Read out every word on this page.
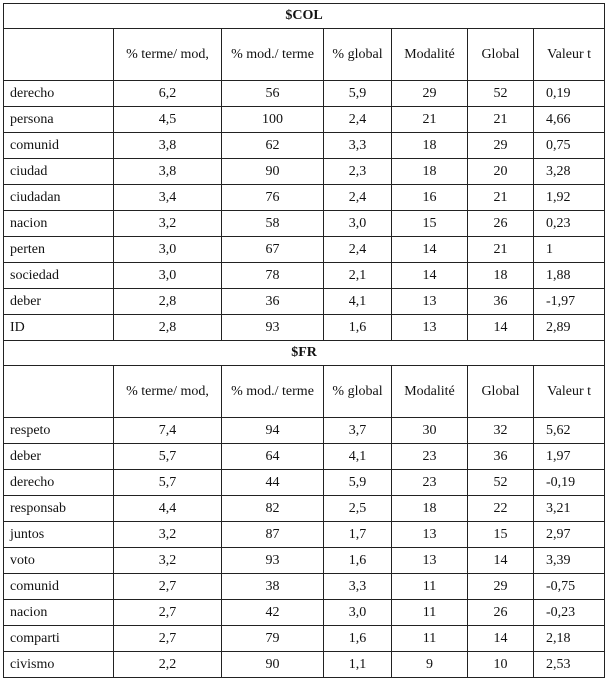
$COL						
	% terme/ mod,	% mod./ terme	% global	Modalité	Global	Valeur t
derecho	6,2	56	5,9	29	52	0,19
persona	4,5	100	2,4	21	21	4,66
comunid	3,8	62	3,3	18	29	0,75
ciudad	3,8	90	2,3	18	20	3,28
ciudadan	3,4	76	2,4	16	21	1,92
nacion	3,2	58	3,0	15	26	0,23
perten	3,0	67	2,4	14	21	1
sociedad	3,0	78	2,1	14	18	1,88
deber	2,8	36	4,1	13	36	-1,97
ID	2,8	93	1,6	13	14	2,89
$FR						
	% terme/ mod,	% mod./ terme	% global	Modalité	Global	Valeur t
respeto	7,4	94	3,7	30	32	5,62
deber	5,7	64	4,1	23	36	1,97
derecho	5,7	44	5,9	23	52	-0,19
responsab	4,4	82	2,5	18	22	3,21
juntos	3,2	87	1,7	13	15	2,97
voto	3,2	93	1,6	13	14	3,39
comunid	2,7	38	3,3	11	29	-0,75
nacion	2,7	42	3,0	11	26	-0,23
comparti	2,7	79	1,6	11	14	2,18
civismo	2,2	90	1,1	9	10	2,53
